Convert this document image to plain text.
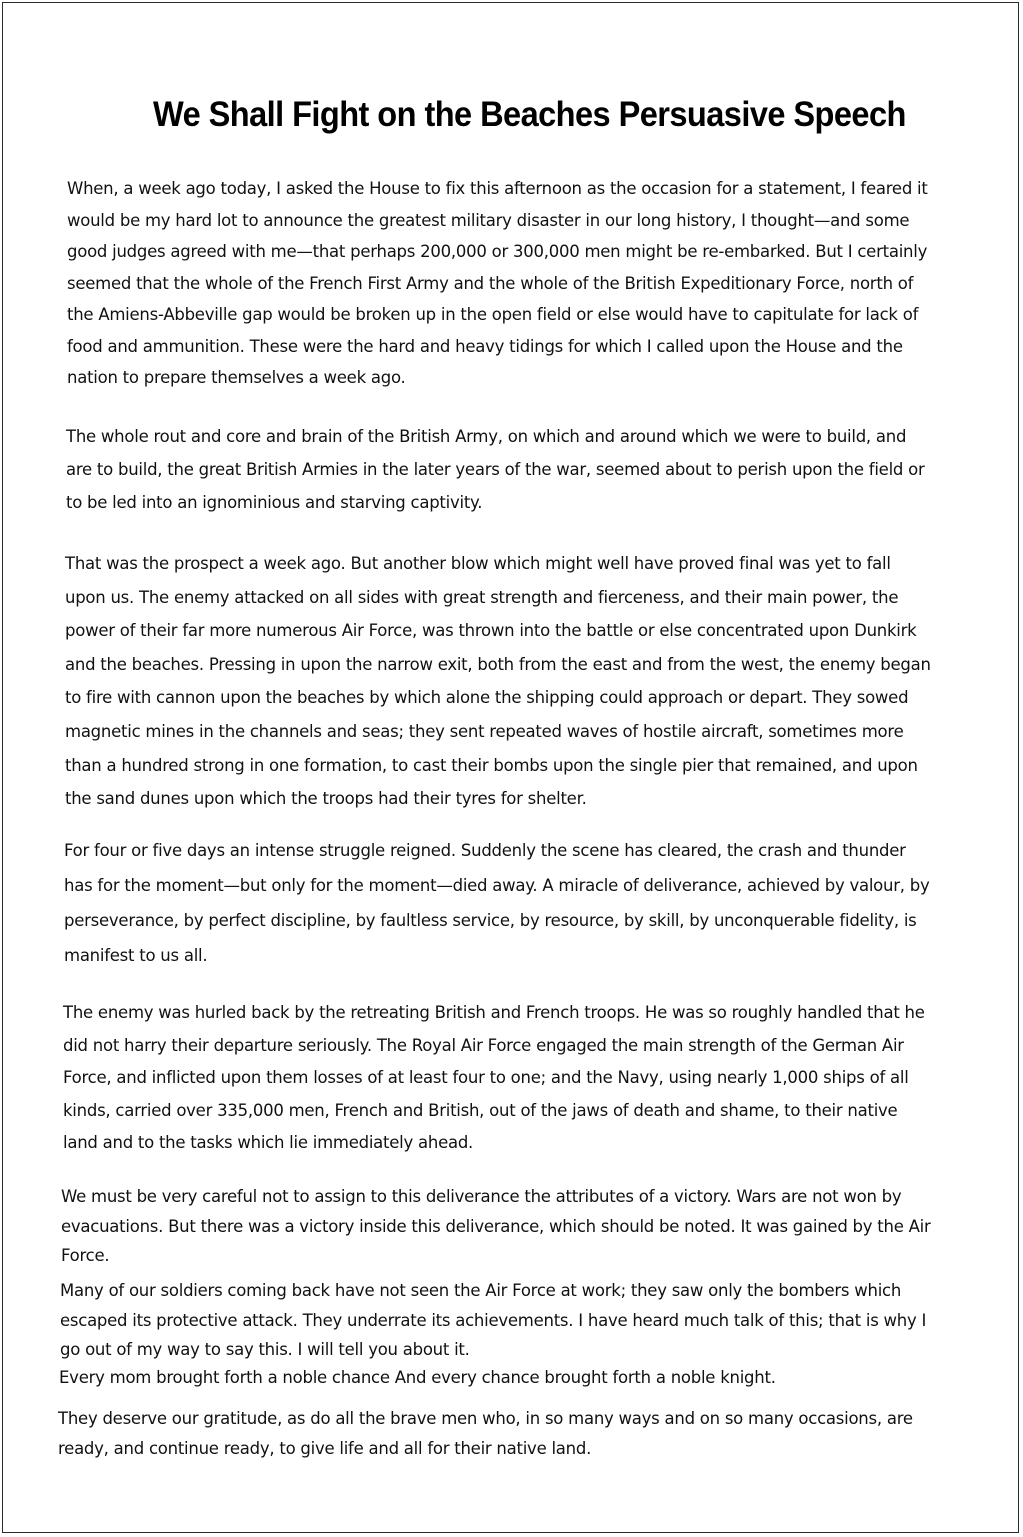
We Shall Fight on the Beaches Persuasive Speech

When, a week ago today, I asked the House to fix this afternoon as the occasion for a statement, I feared it would be my hard lot to announce the greatest military disaster in our long history, I thought—and some good judges agreed with me—that perhaps 200,000 or 300,000 men might be re-embarked. But I certainly seemed that the whole of the French First Army and the whole of the British Expeditionary Force, north of the Amiens-Abbeville gap would be broken up in the open field or else would have to capitulate for lack of food and ammunition. These were the hard and heavy tidings for which I called upon the House and the nation to prepare themselves a week ago.

The whole rout and core and brain of the British Army, on which and around which we were to build, and are to build, the great British Armies in the later years of the war, seemed about to perish upon the field or to be led into an ignominious and starving captivity.

That was the prospect a week ago. But another blow which might well have proved final was yet to fall upon us. The enemy attacked on all sides with great strength and fierceness, and their main power, the power of their far more numerous Air Force, was thrown into the battle or else concentrated upon Dunkirk and the beaches. Pressing in upon the narrow exit, both from the east and from the west, the enemy began to fire with cannon upon the beaches by which alone the shipping could approach or depart. They sowed magnetic mines in the channels and seas; they sent repeated waves of hostile aircraft, sometimes more than a hundred strong in one formation, to cast their bombs upon the single pier that remained, and upon the sand dunes upon which the troops had their tyres for shelter.

For four or five days an intense struggle reigned. Suddenly the scene has cleared, the crash and thunder has for the moment—but only for the moment—died away. A miracle of deliverance, achieved by valour, by perseverance, by perfect discipline, by faultless service, by resource, by skill, by unconquerable fidelity, is manifest to us all.

The enemy was hurled back by the retreating British and French troops. He was so roughly handled that he did not harry their departure seriously. The Royal Air Force engaged the main strength of the German Air Force, and inflicted upon them losses of at least four to one; and the Navy, using nearly 1,000 ships of all kinds, carried over 335,000 men, French and British, out of the jaws of death and shame, to their native land and to the tasks which lie immediately ahead.

We must be very careful not to assign to this deliverance the attributes of a victory. Wars are not won by evacuations. But there was a victory inside this deliverance, which should be noted. It was gained by the Air Force.

Many of our soldiers coming back have not seen the Air Force at work; they saw only the bombers which escaped its protective attack. They underrate its achievements. I have heard much talk of this; that is why I go out of my way to say this. I will tell you about it.

Every mom brought forth a noble chance And every chance brought forth a noble knight.

They deserve our gratitude, as do all the brave men who, in so many ways and on so many occasions, are ready, and continue ready, to give life and all for their native land.
